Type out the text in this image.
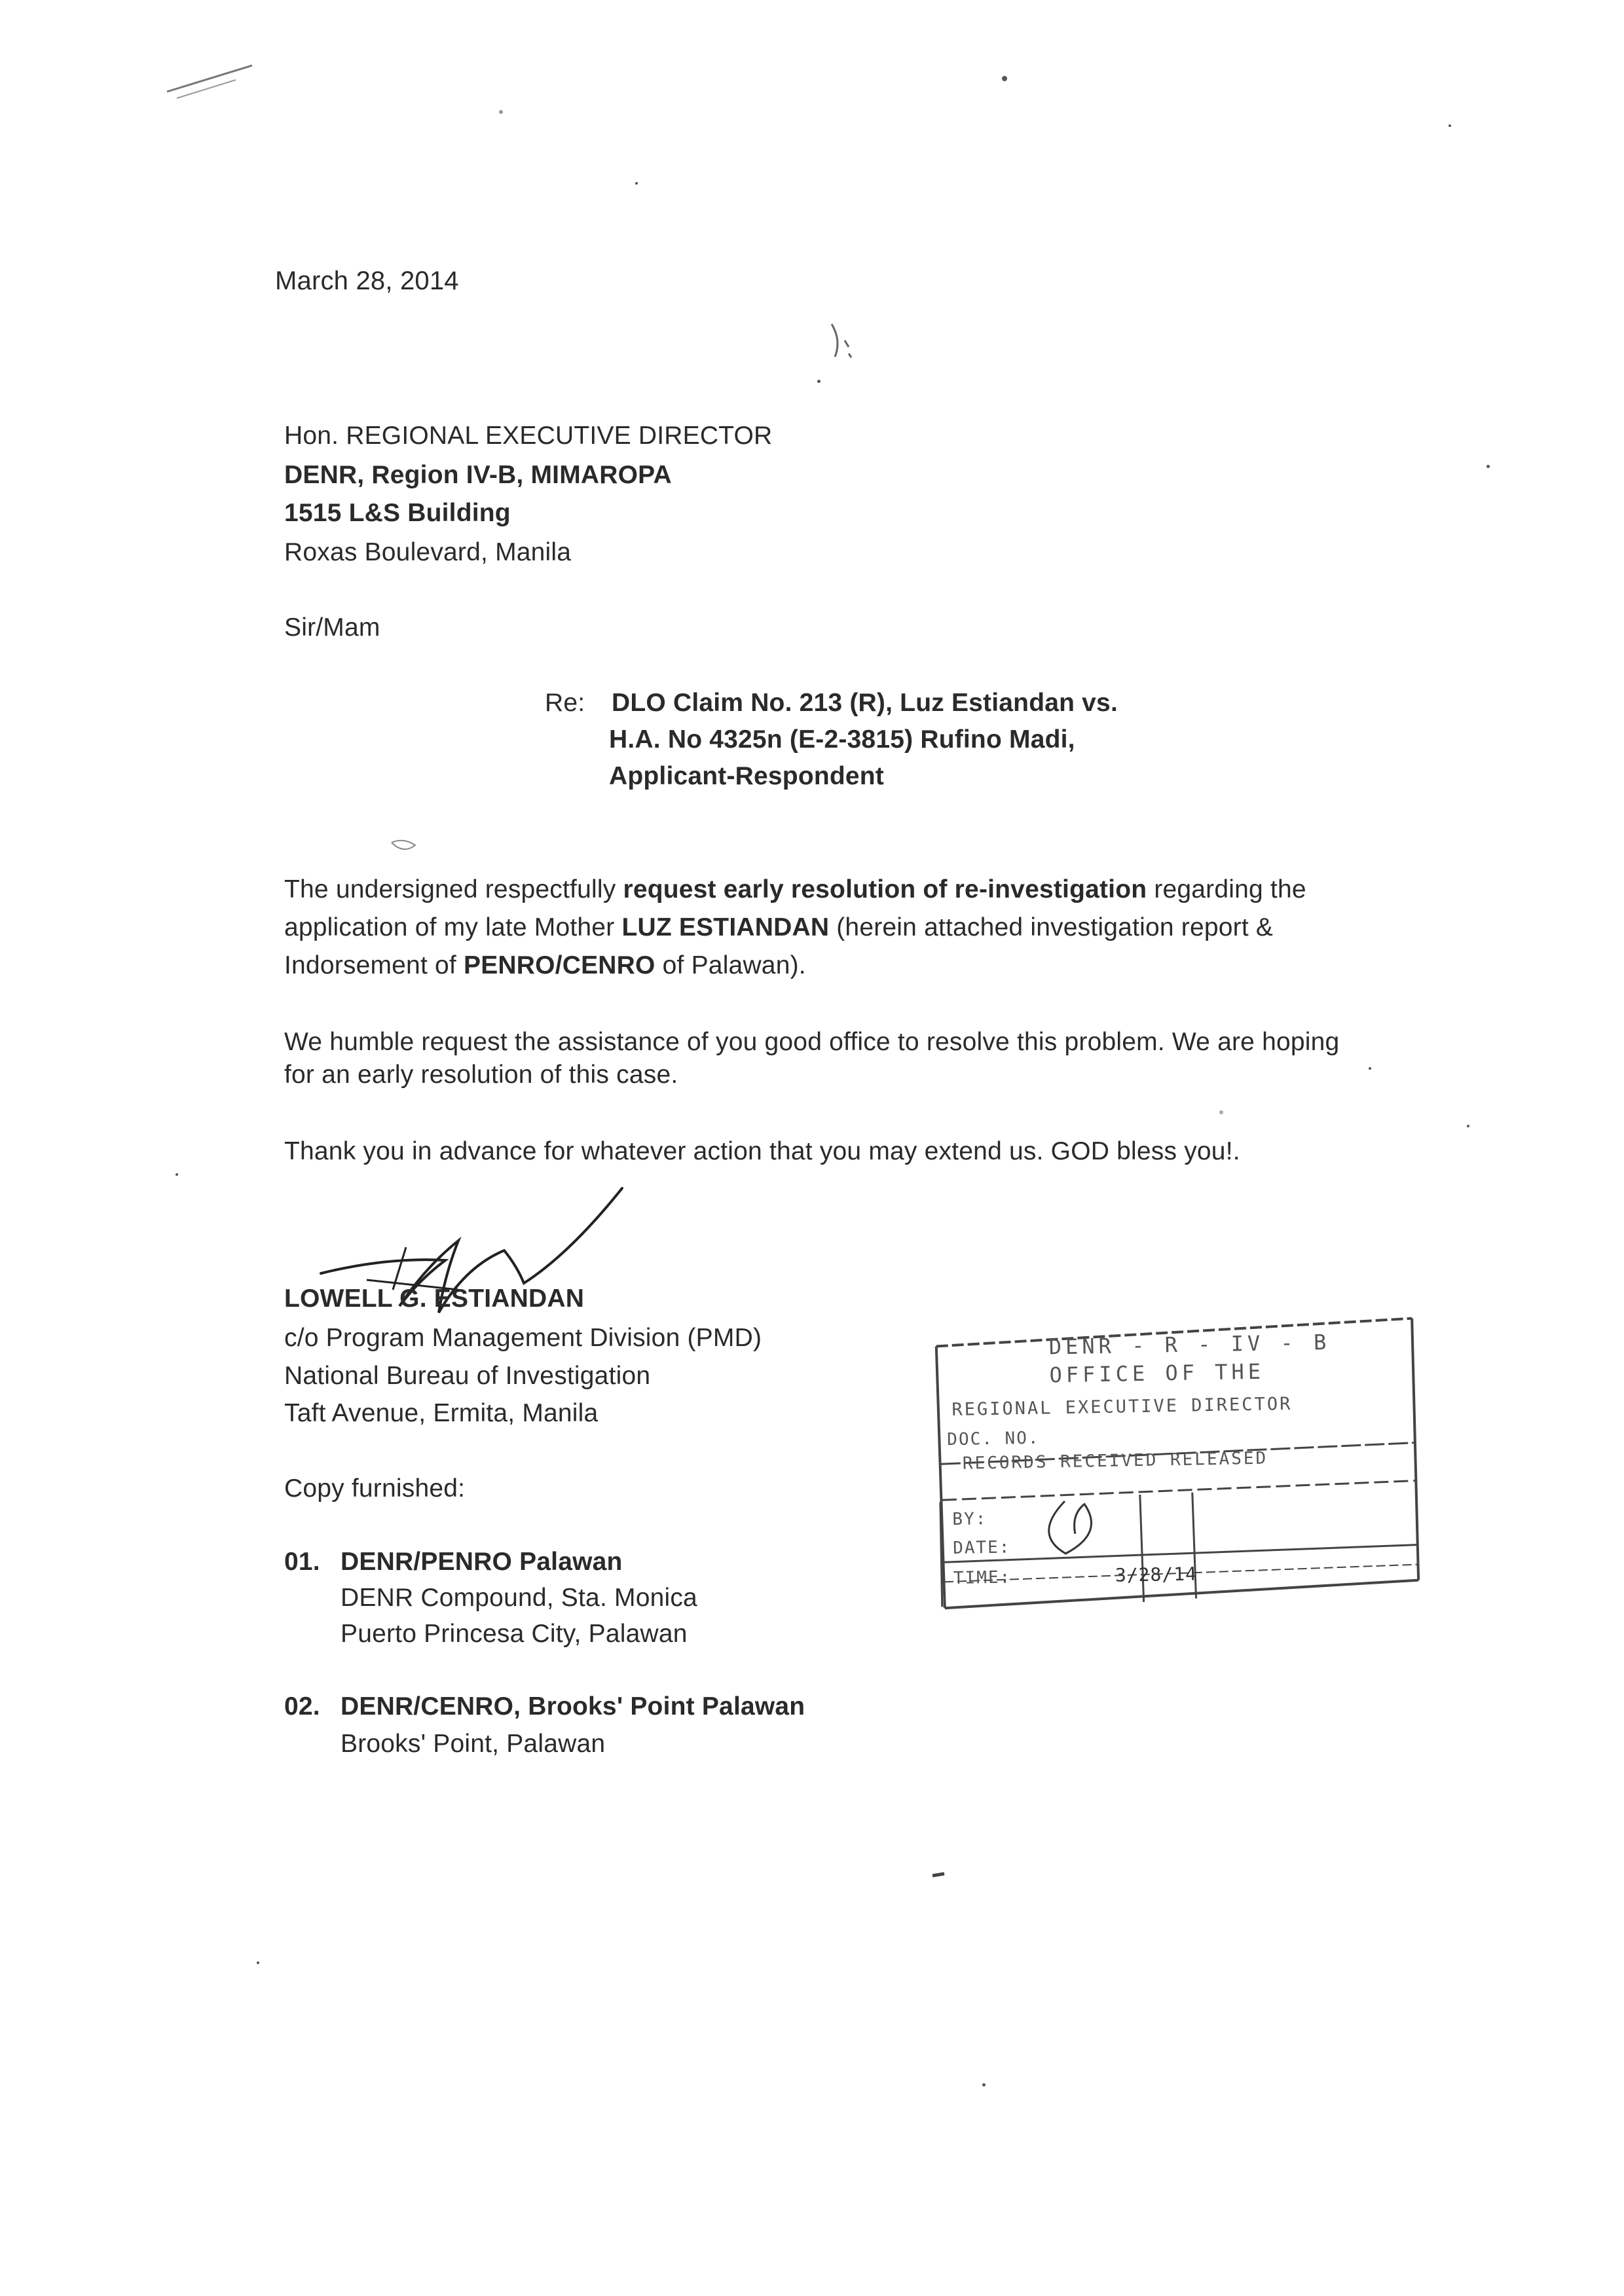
March 28, 2014
Hon. REGIONAL EXECUTIVE DIRECTOR
DENR, Region IV-B, MIMAROPA
1515 L&S Building
Roxas Boulevard, Manila
Sir/Mam
Re: DLO Claim No. 213 (R), Luz Estiandan vs.
H.A. No 4325n (E-2-3815) Rufino Madi,
Applicant-Respondent
The undersigned respectfully request early resolution of re-investigation regarding the
application of my late Mother LUZ ESTIANDAN (herein attached investigation report &
Indorsement of PENRO/CENRO of Palawan).
We humble request the assistance of you good office to resolve this problem. We are hoping
for an early resolution of this case.
Thank you in advance for whatever action that you may extend us. GOD bless you!.
LOWELL G. ESTIANDAN
c/o Program Management Division (PMD)
National Bureau of Investigation
Taft Avenue, Ermita, Manila
Copy furnished:
01. DENR/PENRO Palawan
DENR Compound, Sta. Monica
Puerto Princesa City, Palawan
02. DENR/CENRO, Brooks' Point Palawan
Brooks' Point, Palawan
DENR - R - IV - B
OFFICE OF THE
REGIONAL EXECUTIVE DIRECTOR
DOC. NO.
RECORDS RECEIVED RELEASED
BY:
DATE:
TIME:	3/28/14
